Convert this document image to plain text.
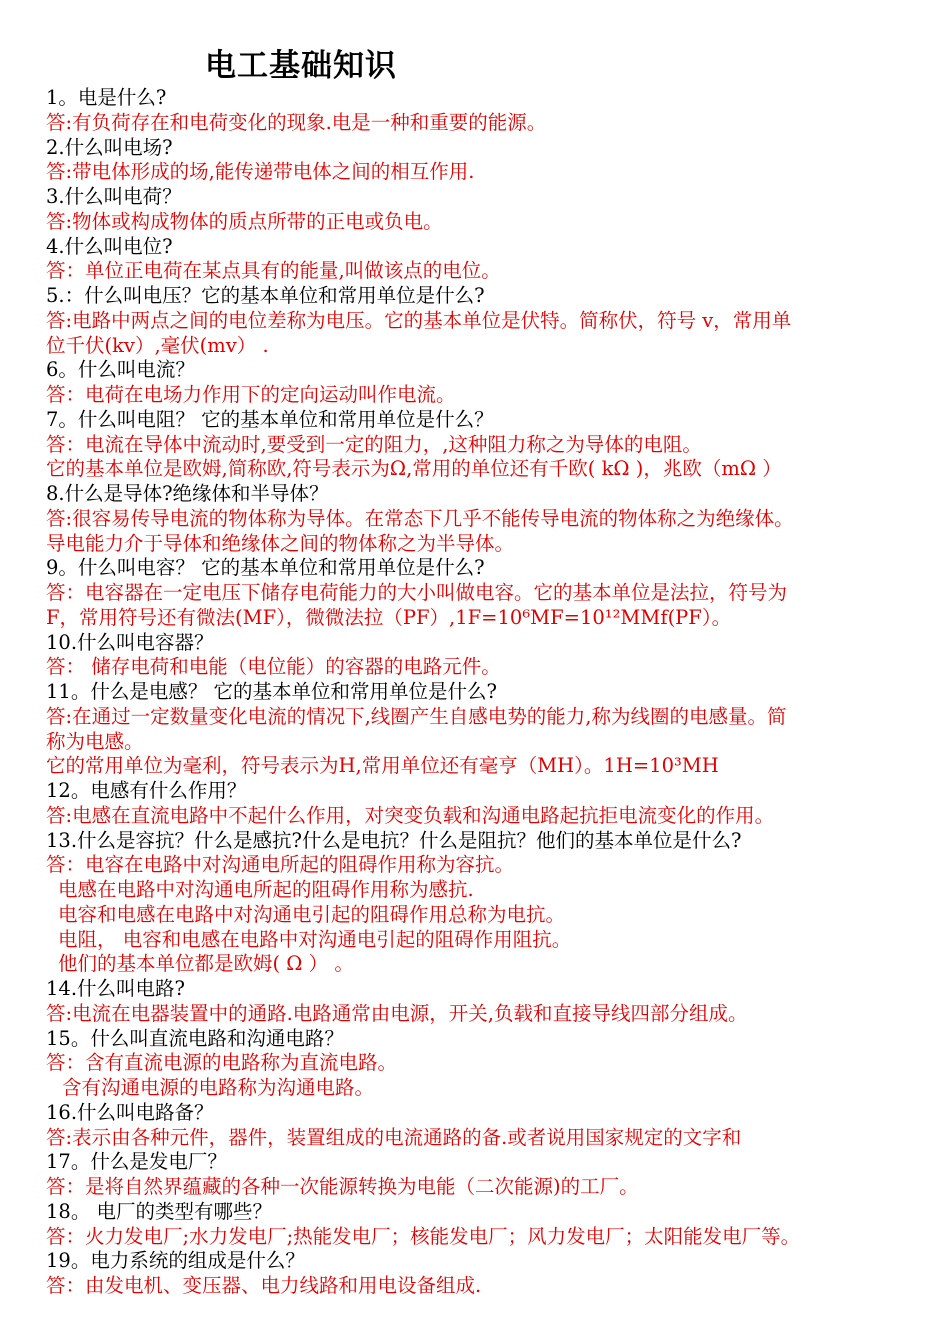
电工基础知识
1。电是什么?
答:有负荷存在和电荷变化的现象.电是一种和重要的能源。
2.什么叫电场?
答:带电体形成的场,能传递带电体之间的相互作用.
3.什么叫电荷？
答:物体或构成物体的质点所带的正电或负电。
4.什么叫电位?
答：单位正电荷在某点具有的能量,叫做该点的电位。
5.：什么叫电压？它的基本单位和常用单位是什么?
答:电路中两点之间的电位差称为电压。它的基本单位是伏特。简称伏，符号 v，常用单
位千伏(kv）,毫伏(mv） .
6。什么叫电流？
答：电荷在电场力作用下的定向运动叫作电流。
7。什么叫电阻？ 它的基本单位和常用单位是什么？
答：电流在导体中流动时,要受到一定的阻力，,这种阻力称之为导体的电阻。
它的基本单位是欧姆,简称欧,符号表示为Ω,常用的单位还有千欧( kΩ )，兆欧（mΩ ）
8.什么是导体?绝缘体和半导体？
答:很容易传导电流的物体称为导体。在常态下几乎不能传导电流的物体称之为绝缘体。
导电能力介于导体和绝缘体之间的物体称之为半导体。
9。什么叫电容？ 它的基本单位和常用单位是什么?
答：电容器在一定电压下储存电荷能力的大小叫做电容。它的基本单位是法拉，符号为
F，常用符号还有微法(MF），微微法拉（PF）,1F=10⁶MF=10¹²MMf(PF）。
10.什么叫电容器？
答： 储存电荷和电能（电位能）的容器的电路元件。
11。什么是电感？ 它的基本单位和常用单位是什么?
答:在通过一定数量变化电流的情况下,线圈产生自感电势的能力,称为线圈的电感量。简
称为电感。
它的常用单位为毫利，符号表示为H,常用单位还有毫亨（MH）。1H=10³MH
12。电感有什么作用？
答:电感在直流电路中不起什么作用，对突变负载和沟通电路起抗拒电流变化的作用。
13.什么是容抗？什么是感抗?什么是电抗？什么是阻抗？他们的基本单位是什么?
答：电容在电路中对沟通电所起的阻碍作用称为容抗。
电感在电路中对沟通电所起的阻碍作用称为感抗.
电容和电感在电路中对沟通电引起的阻碍作用总称为电抗。
电阻， 电容和电感在电路中对沟通电引起的阻碍作用阻抗。
他们的基本单位都是欧姆( Ω ） 。
14.什么叫电路?
答:电流在电器装置中的通路.电路通常由电源，开关,负载和直接导线四部分组成。
15。什么叫直流电路和沟通电路？
答：含有直流电源的电路称为直流电路。
含有沟通电源的电路称为沟通电路。
16.什么叫电路备？
答:表示由各种元件，器件，装置组成的电流通路的备.或者说用国家规定的文字和
17。什么是发电厂？
答：是将自然界蕴藏的各种一次能源转换为电能（二次能源)的工厂。
18。 电厂的类型有哪些？
答：火力发电厂;水力发电厂;热能发电厂；核能发电厂；风力发电厂；太阳能发电厂等。
19。电力系统的组成是什么？
答：由发电机、变压器、电力线路和用电设备组成.
